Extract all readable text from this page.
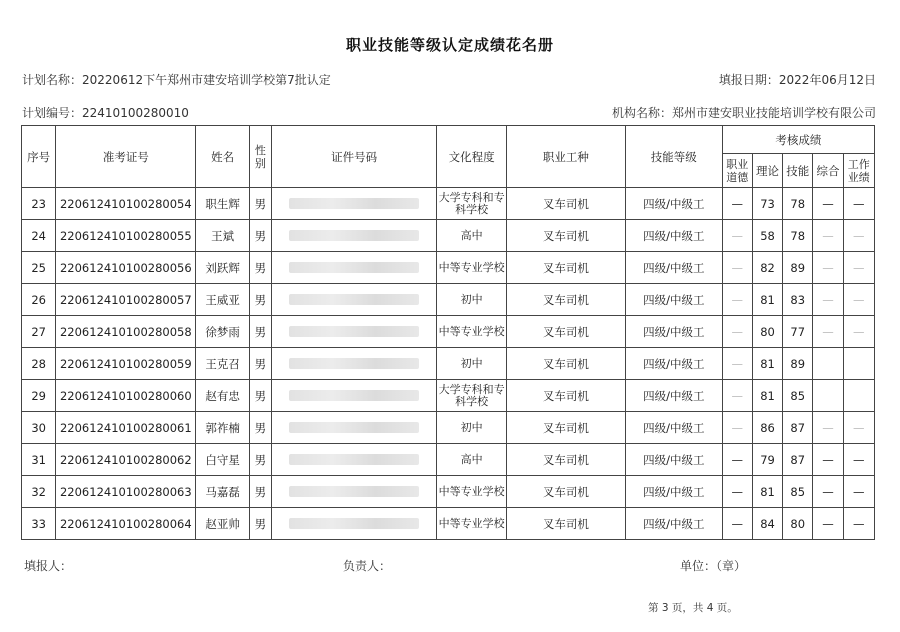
职业技能等级认定成绩花名册
计划名称：20220612下午郑州市建安培训学校第7批认定	填报日期：2022年06月12日
计划编号：22410100280010	机构名称：郑州市建安职业技能培训学校有限公司
序号	准考证号	姓名	性别	证件号码	文化程度	职业工种	技能等级	考核成绩				
								职业道德	理论	技能	综合	工作业绩
23	220612410100280054	职生辉	男		大学专科和专科学校	叉车司机	四级/中级工	—	73	78	—	—
24	220612410100280055	王斌	男		高中	叉车司机	四级/中级工	—	58	78	—	—
25	220612410100280056	刘跃辉	男		中等专业学校	叉车司机	四级/中级工	—	82	89	—	—
26	220612410100280057	王威亚	男		初中	叉车司机	四级/中级工	—	81	83	—	—
27	220612410100280058	徐梦雨	男		中等专业学校	叉车司机	四级/中级工	—	80	77	—	—
28	220612410100280059	王克召	男		初中	叉车司机	四级/中级工	—	81	89		
29	220612410100280060	赵有忠	男		大学专科和专科学校	叉车司机	四级/中级工	—	81	85		
30	220612410100280061	郭祚楠	男		初中	叉车司机	四级/中级工	—	86	87	—	—
31	220612410100280062	白守星	男		高中	叉车司机	四级/中级工	—	79	87	—	—
32	220612410100280063	马嘉磊	男		中等专业学校	叉车司机	四级/中级工	—	81	85	—	—
33	220612410100280064	赵亚帅	男		中等专业学校	叉车司机	四级/中级工	—	84	80	—	—
填报人：	负责人：	单位：（章）
第 3 页，共 4 页。
